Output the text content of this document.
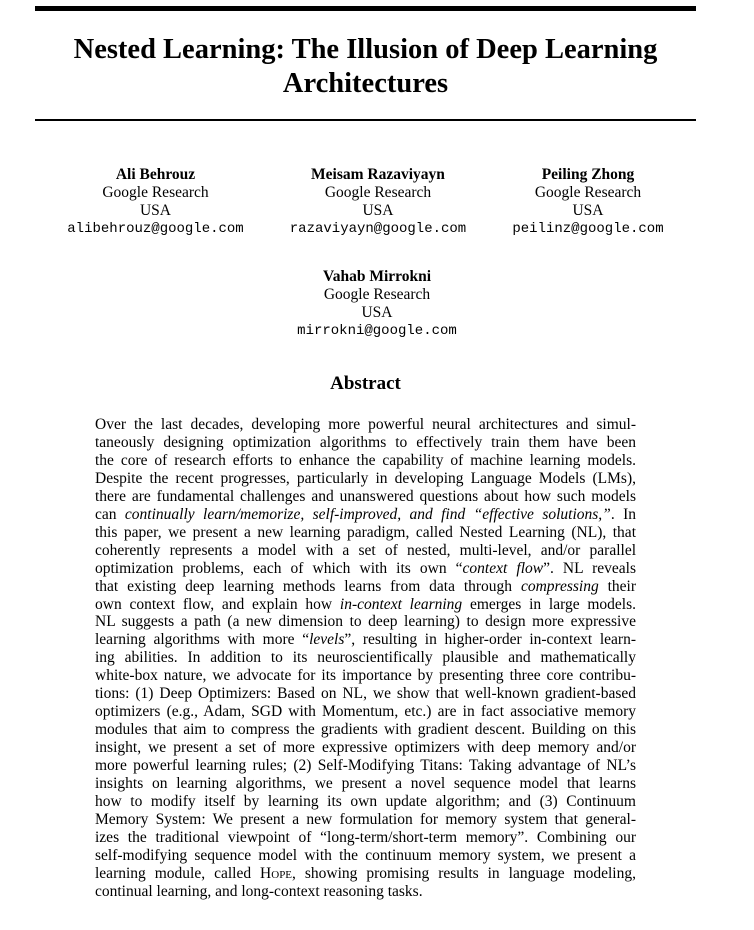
Nested Learning: The Illusion of Deep Learning
Architectures
Ali Behrouz
Google Research
USA
alibehrouz@google.com
Meisam Razaviyayn
Google Research
USA
razaviyayn@google.com
Peiling Zhong
Google Research
USA
peilinz@google.com
Vahab Mirrokni
Google Research
USA
mirrokni@google.com
Abstract

Over the last decades, developing more powerful neural architectures and simul-
taneously designing optimization algorithms to effectively train them have been
the core of research efforts to enhance the capability of machine learning models.
Despite the recent progresses, particularly in developing Language Models (LMs),
there are fundamental challenges and unanswered questions about how such models
can continually learn/memorize, self-improved, and find “effective solutions,”. In
this paper, we present a new learning paradigm, called Nested Learning (NL), that
coherently represents a model with a set of nested, multi-level, and/or parallel
optimization problems, each of which with its own “context flow”. NL reveals
that existing deep learning methods learns from data through compressing their
own context flow, and explain how in-context learning emerges in large models.
NL suggests a path (a new dimension to deep learning) to design more expressive
learning algorithms with more “levels”, resulting in higher-order in-context learn-
ing abilities. In addition to its neuroscientifically plausible and mathematically
white-box nature, we advocate for its importance by presenting three core contribu-
tions: (1) Deep Optimizers: Based on NL, we show that well-known gradient-based
optimizers (e.g., Adam, SGD with Momentum, etc.) are in fact associative memory
modules that aim to compress the gradients with gradient descent. Building on this
insight, we present a set of more expressive optimizers with deep memory and/or
more powerful learning rules; (2) Self-Modifying Titans: Taking advantage of NL’s
insights on learning algorithms, we present a novel sequence model that learns
how to modify itself by learning its own update algorithm; and (3) Continuum
Memory System: We present a new formulation for memory system that general-
izes the traditional viewpoint of “long-term/short-term memory”. Combining our
self-modifying sequence model with the continuum memory system, we present a
learning module, called Hope, showing promising results in language modeling,
continual learning, and long-context reasoning tasks.
